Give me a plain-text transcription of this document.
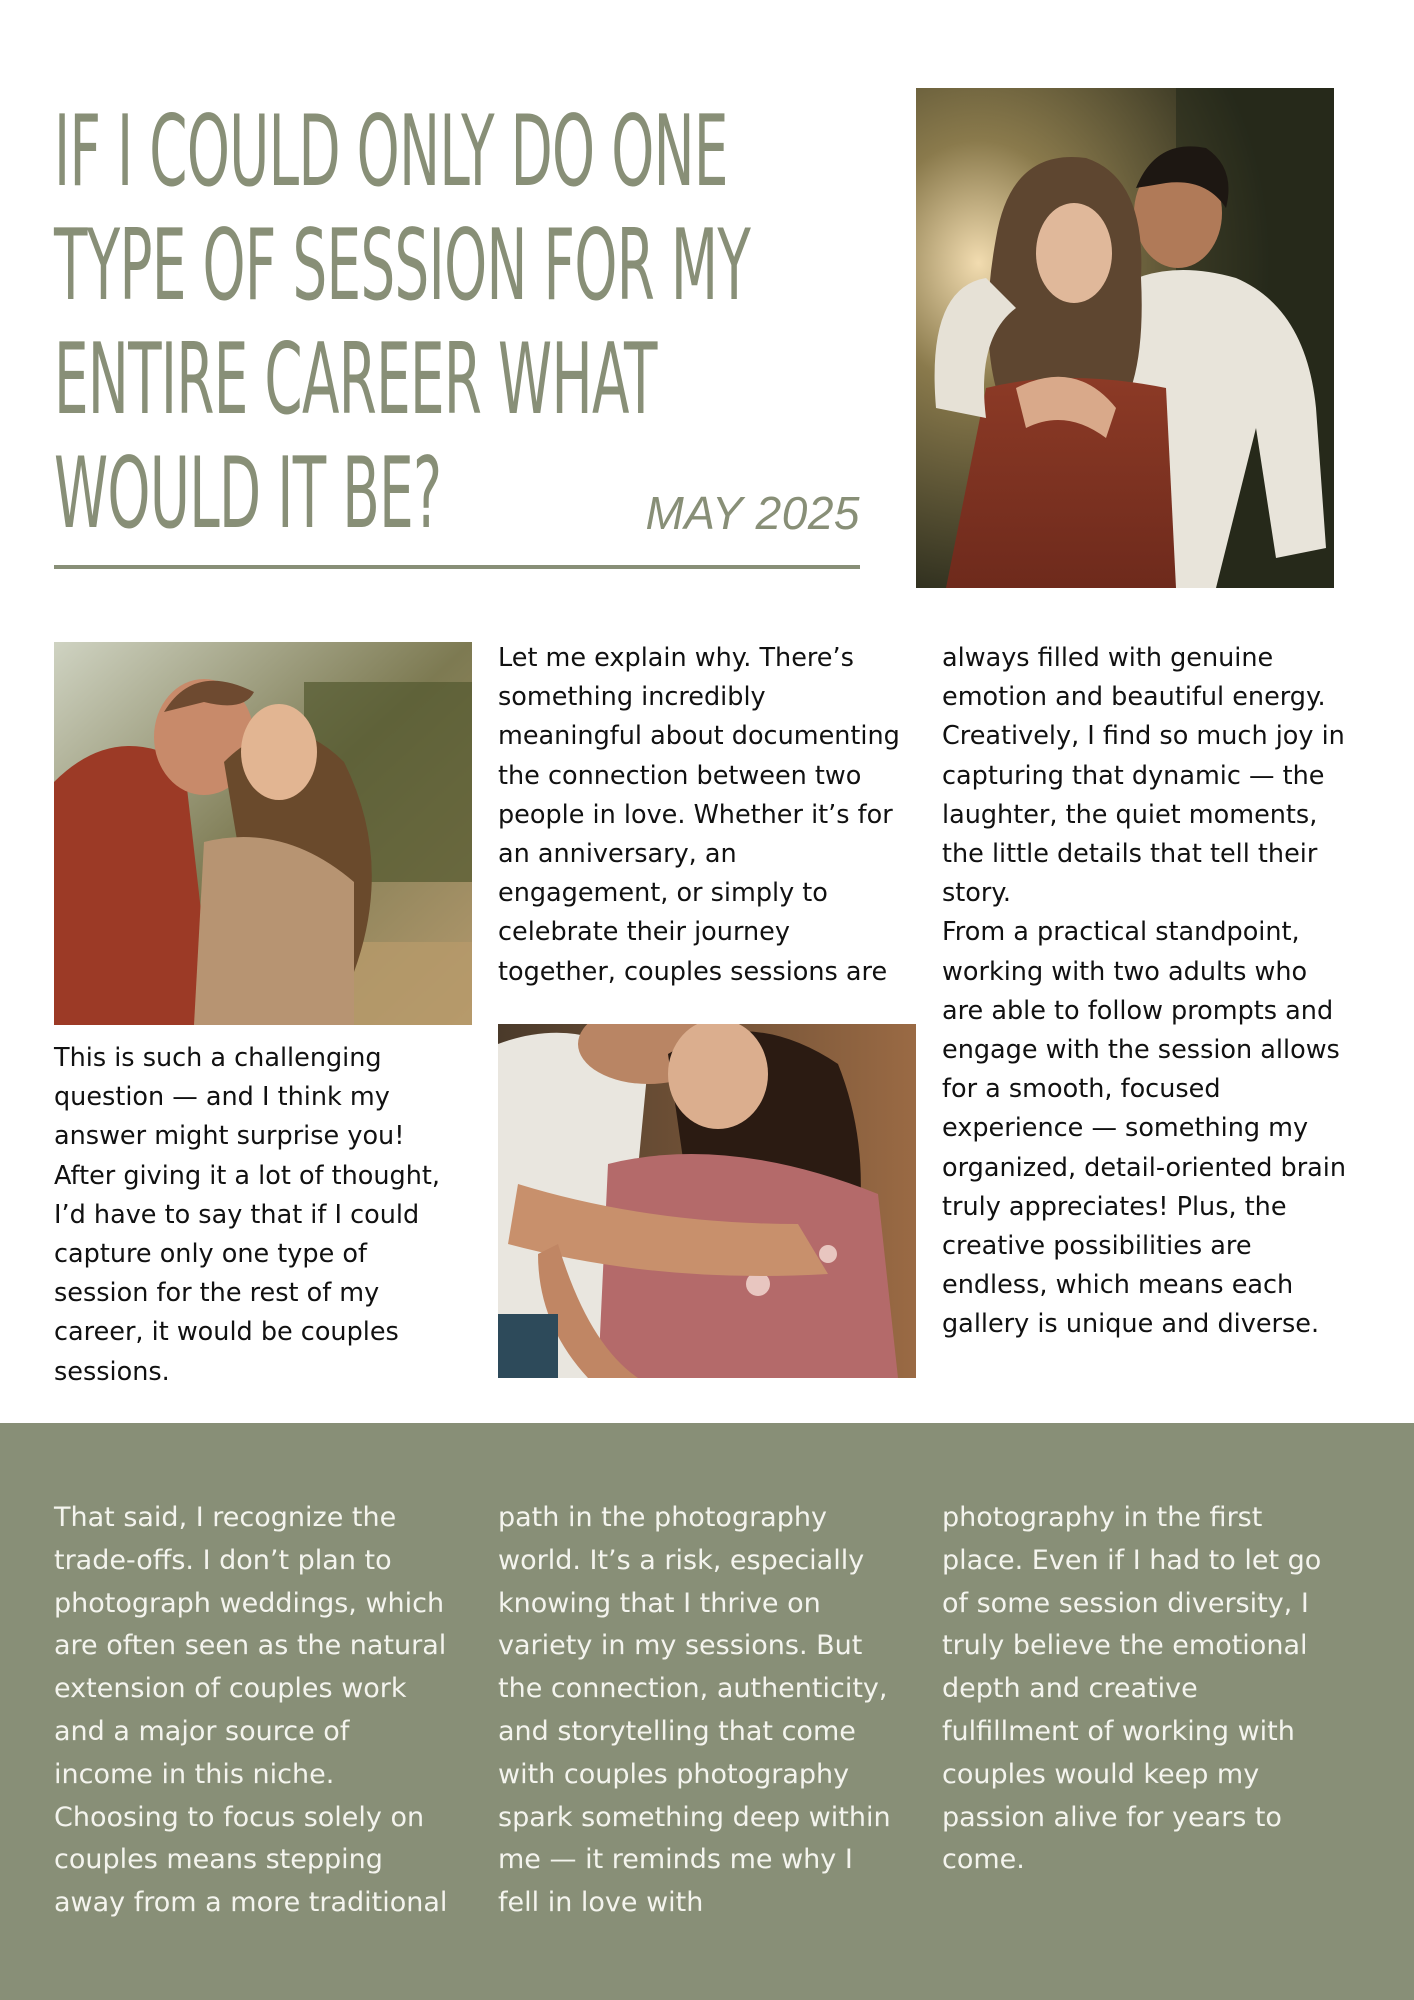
IF I COULD ONLY DO ONE
TYPE OF SESSION FOR MY
ENTIRE CAREER WHAT
WOULD IT BE?	MAY 2025

This is such a challenging

question — and I think my

answer might surprise you!

After giving it a lot of thought,

I’d have to say that if I could

capture only one type of

session for the rest of my

career, it would be couples

sessions.

Let me explain why. There’s

something incredibly

meaningful about documenting

the connection between two

people in love. Whether it’s for

an anniversary, an

engagement, or simply to

celebrate their journey

together, couples sessions are

always filled with genuine

emotion and beautiful energy.

Creatively, I find so much joy in

capturing that dynamic — the

laughter, the quiet moments,

the little details that tell their

story.

From a practical standpoint,

working with two adults who

are able to follow prompts and

engage with the session allows

for a smooth, focused

experience — something my

organized, detail-oriented brain

truly appreciates! Plus, the

creative possibilities are

endless, which means each

gallery is unique and diverse.

That said, I recognize the

trade-offs. I don’t plan to

photograph weddings, which

are often seen as the natural

extension of couples work

and a major source of

income in this niche.

Choosing to focus solely on

couples means stepping

away from a more traditional

path in the photography

world. It’s a risk, especially

knowing that I thrive on

variety in my sessions. But

the connection, authenticity,

and storytelling that come

with couples photography

spark something deep within

me — it reminds me why I

fell in love with

photography in the first

place. Even if I had to let go

of some session diversity, I

truly believe the emotional

depth and creative

fulfillment of working with

couples would keep my

passion alive for years to

come.
